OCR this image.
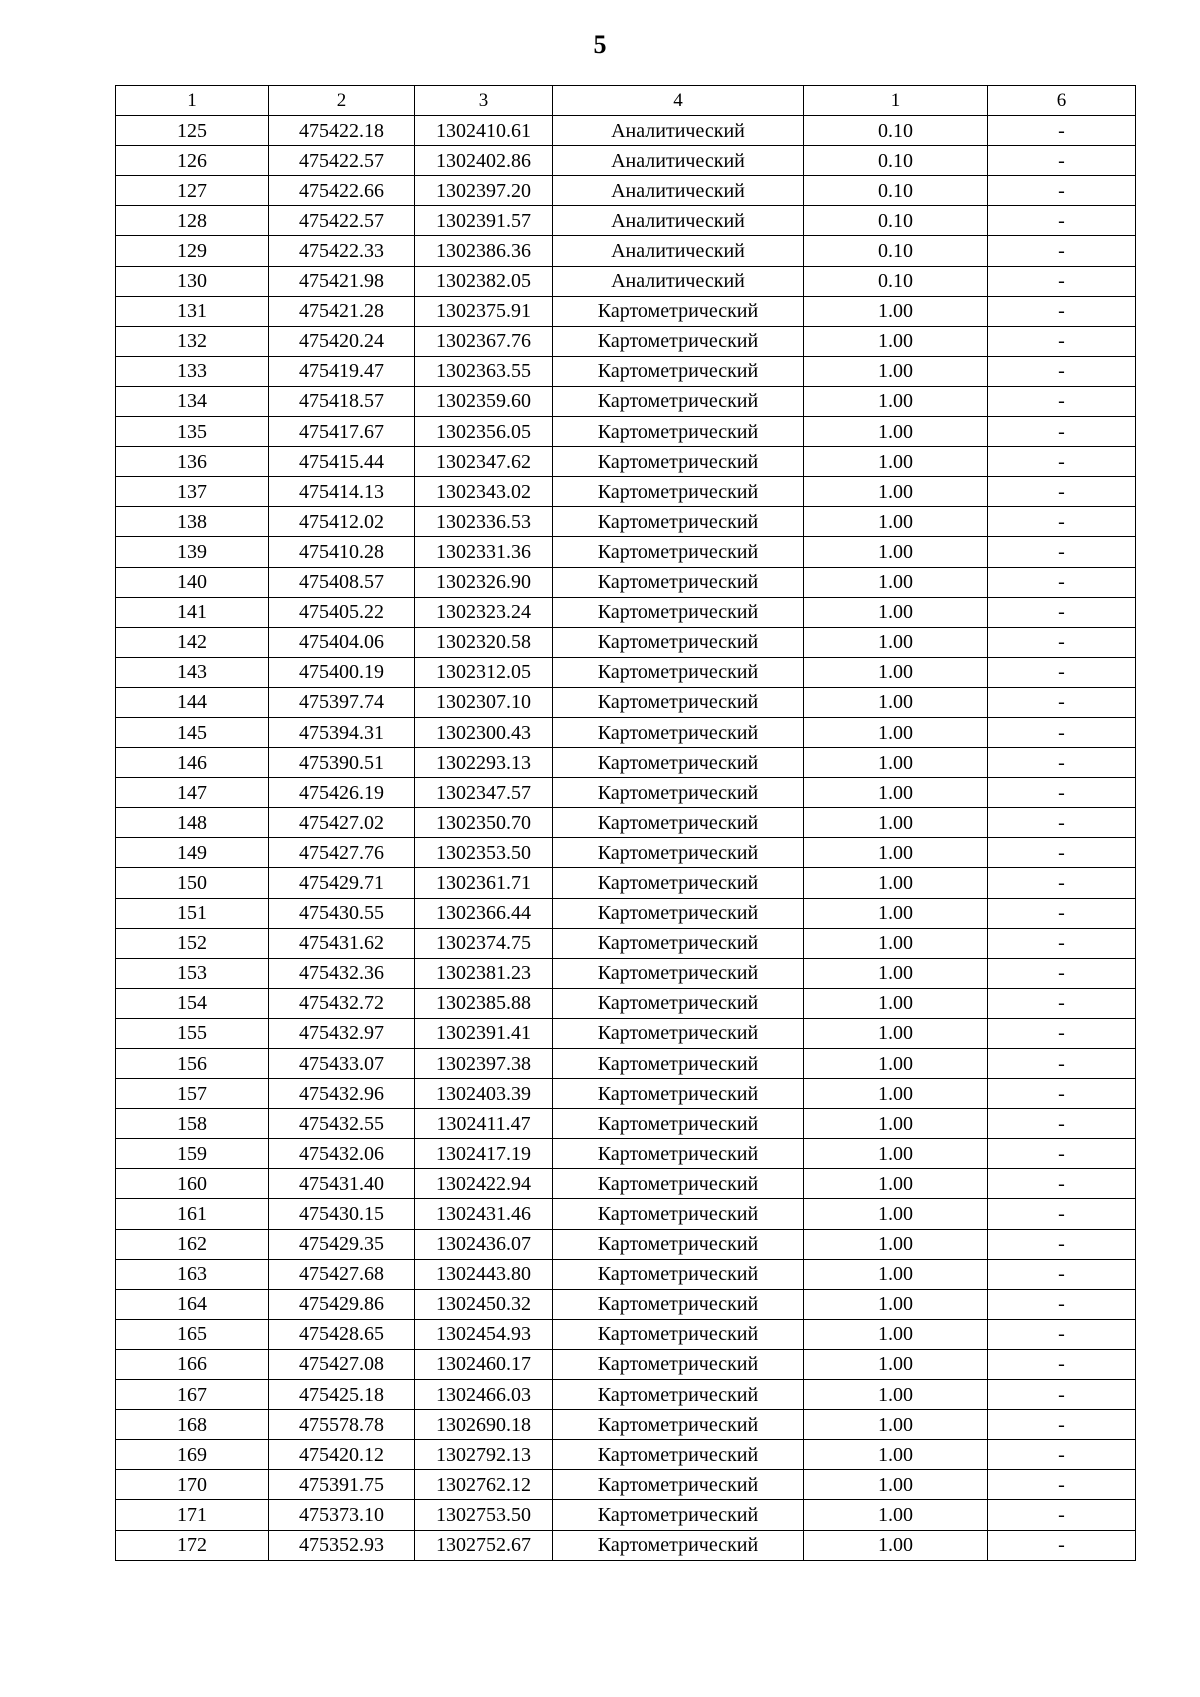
5
1	2	3	4	1	6
125	475422.18	1302410.61	Аналитический	0.10	-
126	475422.57	1302402.86	Аналитический	0.10	-
127	475422.66	1302397.20	Аналитический	0.10	-
128	475422.57	1302391.57	Аналитический	0.10	-
129	475422.33	1302386.36	Аналитический	0.10	-
130	475421.98	1302382.05	Аналитический	0.10	-
131	475421.28	1302375.91	Картометрический	1.00	-
132	475420.24	1302367.76	Картометрический	1.00	-
133	475419.47	1302363.55	Картометрический	1.00	-
134	475418.57	1302359.60	Картометрический	1.00	-
135	475417.67	1302356.05	Картометрический	1.00	-
136	475415.44	1302347.62	Картометрический	1.00	-
137	475414.13	1302343.02	Картометрический	1.00	-
138	475412.02	1302336.53	Картометрический	1.00	-
139	475410.28	1302331.36	Картометрический	1.00	-
140	475408.57	1302326.90	Картометрический	1.00	-
141	475405.22	1302323.24	Картометрический	1.00	-
142	475404.06	1302320.58	Картометрический	1.00	-
143	475400.19	1302312.05	Картометрический	1.00	-
144	475397.74	1302307.10	Картометрический	1.00	-
145	475394.31	1302300.43	Картометрический	1.00	-
146	475390.51	1302293.13	Картометрический	1.00	-
147	475426.19	1302347.57	Картометрический	1.00	-
148	475427.02	1302350.70	Картометрический	1.00	-
149	475427.76	1302353.50	Картометрический	1.00	-
150	475429.71	1302361.71	Картометрический	1.00	-
151	475430.55	1302366.44	Картометрический	1.00	-
152	475431.62	1302374.75	Картометрический	1.00	-
153	475432.36	1302381.23	Картометрический	1.00	-
154	475432.72	1302385.88	Картометрический	1.00	-
155	475432.97	1302391.41	Картометрический	1.00	-
156	475433.07	1302397.38	Картометрический	1.00	-
157	475432.96	1302403.39	Картометрический	1.00	-
158	475432.55	1302411.47	Картометрический	1.00	-
159	475432.06	1302417.19	Картометрический	1.00	-
160	475431.40	1302422.94	Картометрический	1.00	-
161	475430.15	1302431.46	Картометрический	1.00	-
162	475429.35	1302436.07	Картометрический	1.00	-
163	475427.68	1302443.80	Картометрический	1.00	-
164	475429.86	1302450.32	Картометрический	1.00	-
165	475428.65	1302454.93	Картометрический	1.00	-
166	475427.08	1302460.17	Картометрический	1.00	-
167	475425.18	1302466.03	Картометрический	1.00	-
168	475578.78	1302690.18	Картометрический	1.00	-
169	475420.12	1302792.13	Картометрический	1.00	-
170	475391.75	1302762.12	Картометрический	1.00	-
171	475373.10	1302753.50	Картометрический	1.00	-
172	475352.93	1302752.67	Картометрический	1.00	-
